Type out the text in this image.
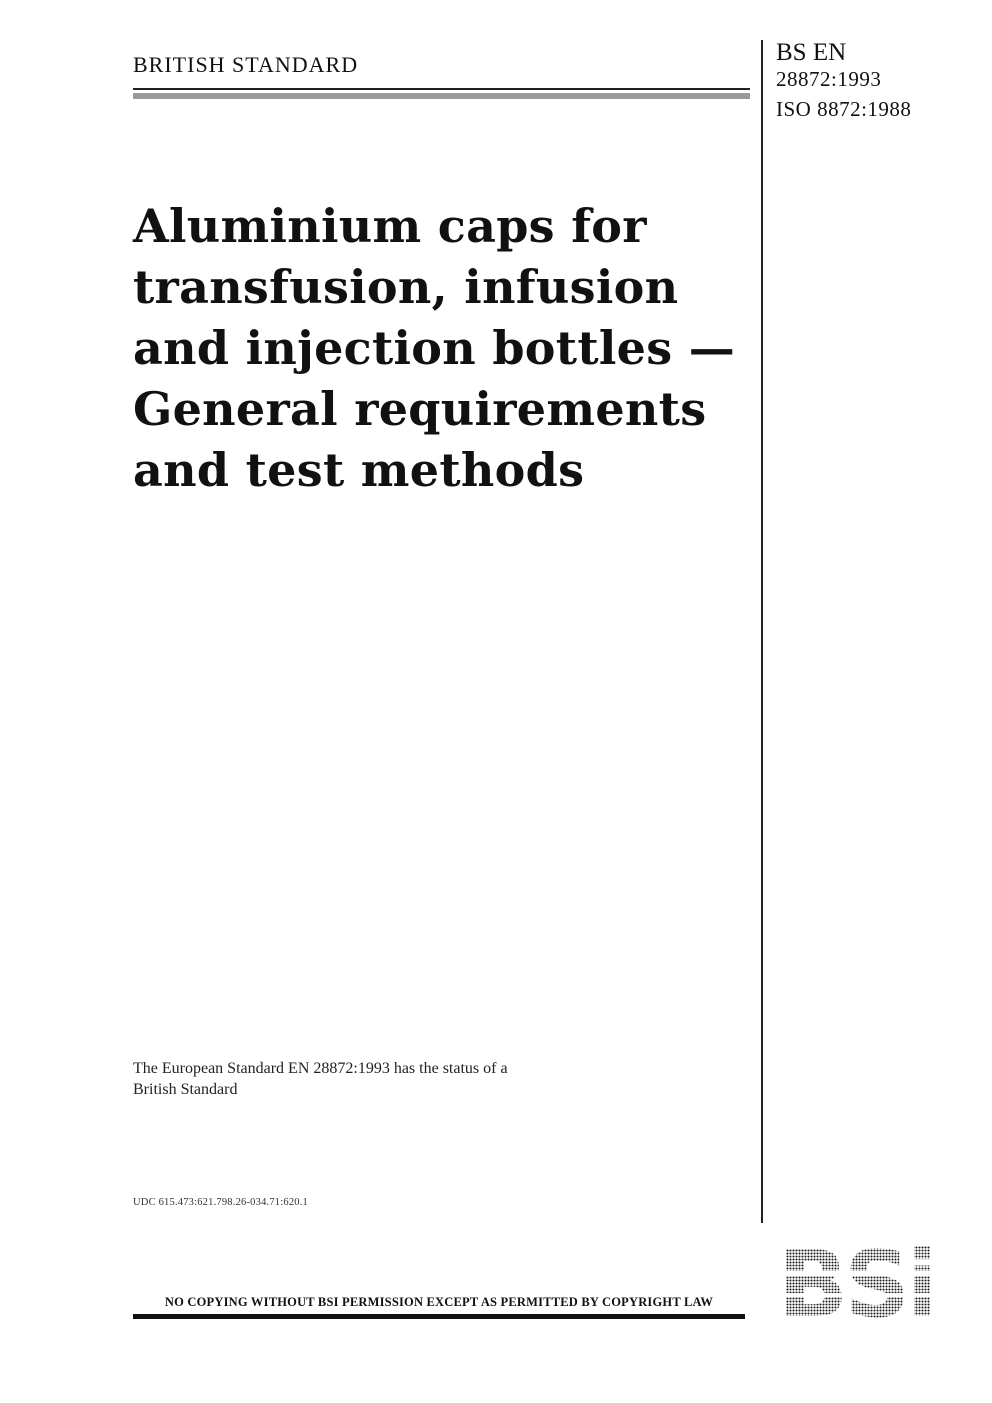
BRITISH STANDARD	BS EN
28872:1993
ISO 8872:1988
Aluminium caps for
transfusion, infusion
and injection bottles —
General requirements
and test methods
The European Standard EN 28872:1993 has the status of a
British Standard
UDC 615.473:621.798.26-034.71:620.1
NO COPYING WITHOUT BSI PERMISSION EXCEPT AS PERMITTED BY COPYRIGHT LAW
